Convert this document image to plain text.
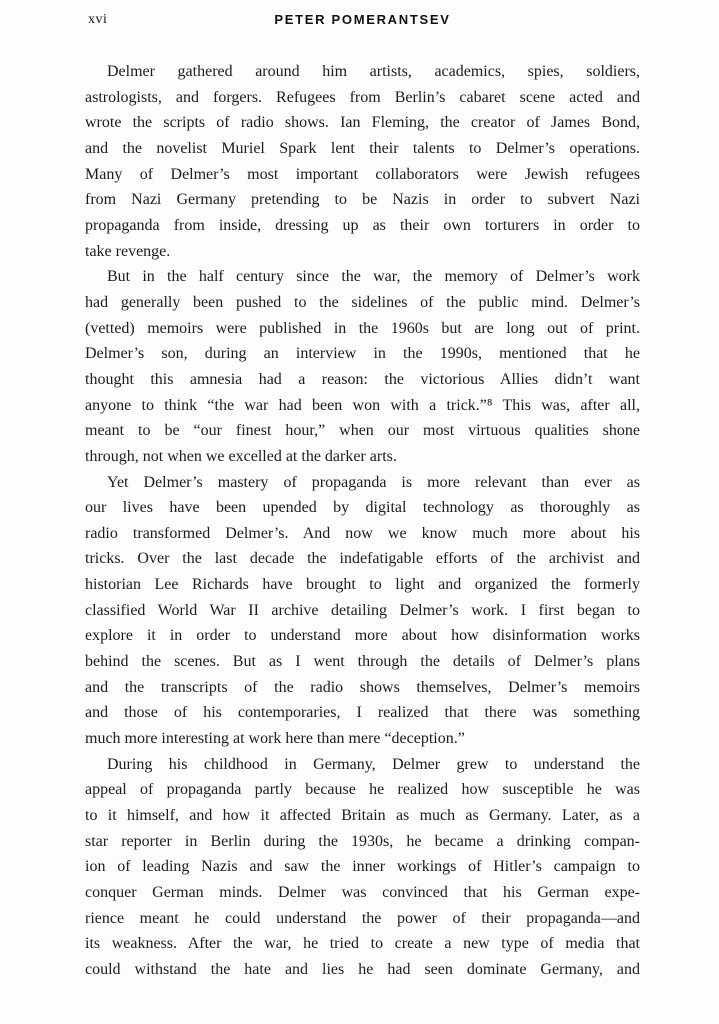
xvi	PETER POMERANTSEV
Delmer gathered around him artists, academics, spies, soldiers,
astrologists, and forgers. Refugees from Berlin’s cabaret scene acted and
wrote the scripts of radio shows. Ian Fleming, the creator of James Bond,
and the novelist Muriel Spark lent their talents to Delmer’s operations.
Many of Delmer’s most important collaborators were Jewish refugees
from Nazi Germany pretending to be Nazis in order to subvert Nazi
propaganda from inside, dressing up as their own torturers in order to
take revenge.
But in the half century since the war, the memory of Delmer’s work
had generally been pushed to the sidelines of the public mind. Delmer’s
(vetted) memoirs were published in the 1960s but are long out of print.
Delmer’s son, during an interview in the 1990s, mentioned that he
thought this amnesia had a reason: the victorious Allies didn’t want
anyone to think “the war had been won with a trick.”⁸ This was, after all,
meant to be “our finest hour,” when our most virtuous qualities shone
through, not when we excelled at the darker arts.
Yet Delmer’s mastery of propaganda is more relevant than ever as
our lives have been upended by digital technology as thoroughly as
radio transformed Delmer’s. And now we know much more about his
tricks. Over the last decade the indefatigable efforts of the archivist and
historian Lee Richards have brought to light and organized the formerly
classified World War II archive detailing Delmer’s work. I first began to
explore it in order to understand more about how disinformation works
behind the scenes. But as I went through the details of Delmer’s plans
and the transcripts of the radio shows themselves, Delmer’s memoirs
and those of his contemporaries, I realized that there was something
much more interesting at work here than mere “deception.”
During his childhood in Germany, Delmer grew to understand the
appeal of propaganda partly because he realized how susceptible he was
to it himself, and how it affected Britain as much as Germany. Later, as a
star reporter in Berlin during the 1930s, he became a drinking compan-
ion of leading Nazis and saw the inner workings of Hitler’s campaign to
conquer German minds. Delmer was convinced that his German expe-
rience meant he could understand the power of their propaganda—and
its weakness. After the war, he tried to create a new type of media that
could withstand the hate and lies he had seen dominate Germany, and
